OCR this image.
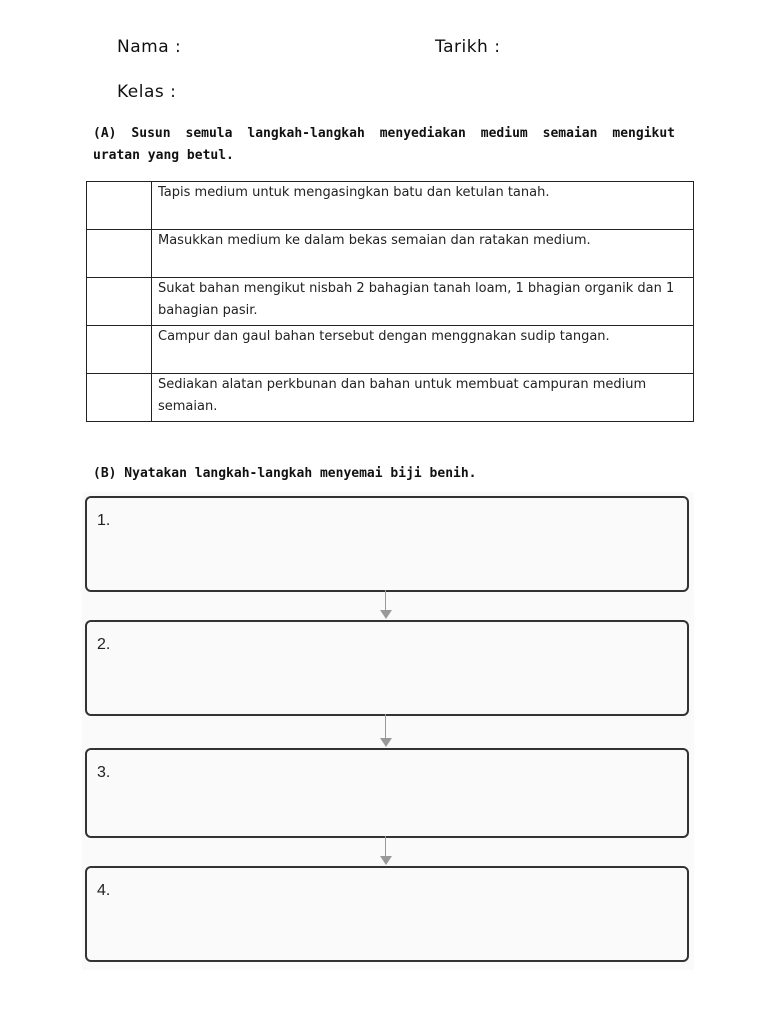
Nama :	Tarikh :
Kelas :
(A) Susun semula langkah-langkah menyediakan medium semaian mengikut uratan yang betul.
	Tapis medium untuk mengasingkan batu dan ketulan tanah.
	Masukkan medium ke dalam bekas semaian dan ratakan medium.
	Sukat bahan mengikut nisbah 2 bahagian tanah loam, 1 bhagian organik dan 1 bahagian pasir.
	Campur dan gaul bahan tersebut dengan menggnakan sudip tangan.
	Sediakan alatan perkbunan dan bahan untuk membuat campuran medium semaian.
(B) Nyatakan langkah-langkah menyemai biji benih.
1.
2.
3.
4.
